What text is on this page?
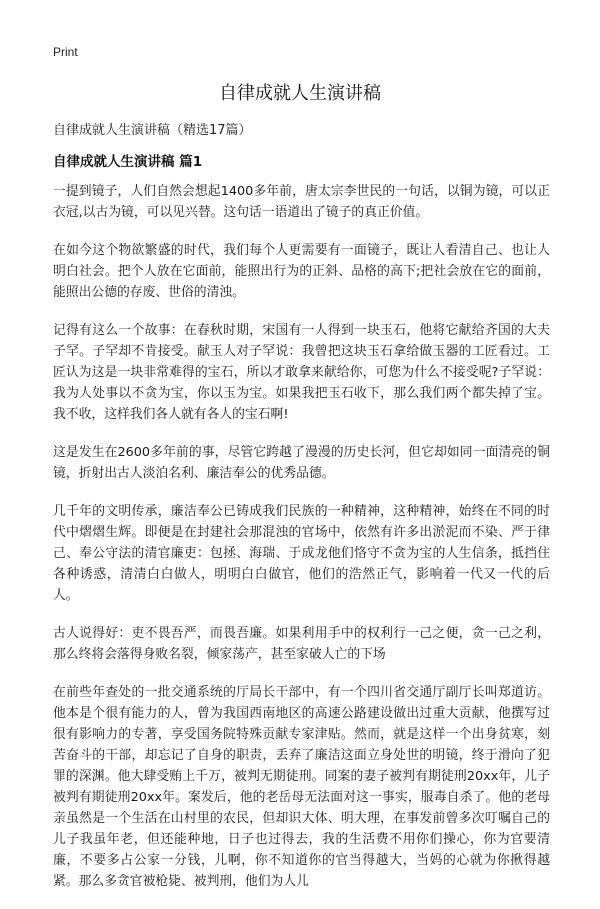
Print
自律成就人生演讲稿
自律成就人生演讲稿（精选17篇）
自律成就人生演讲稿 篇1

一提到镜子，人们自然会想起1400多年前，唐太宗李世民的一句话，以铜为镜，可以正衣冠,以古为镜，可以见兴替。这句话一语道出了镜子的真正价值。

在如今这个物欲繁盛的时代，我们每个人更需要有一面镜子，既让人看清自己、也让人明白社会。把个人放在它面前，能照出行为的正斜、品格的高下;把社会放在它的面前，能照出公德的存废、世俗的清浊。

记得有这么一个故事：在春秋时期，宋国有一人得到一块玉石，他将它献给齐国的大夫子罕。子罕却不肯接受。献玉人对子罕说：我曾把这块玉石拿给做玉器的工匠看过。工匠认为这是一块非常难得的宝石，所以才敢拿来献给你，可您为什么不接受呢?子罕说：我为人处事以不贪为宝，你以玉为宝。如果我把玉石收下，那么我们两个都失掉了宝。我不收，这样我们各人就有各人的宝石啊!

这是发生在2600多年前的事，尽管它跨越了漫漫的历史长河，但它却如同一面清亮的铜镜，折射出古人淡泊名利、廉洁奉公的优秀品德。

几千年的文明传承，廉洁奉公已铸成我们民族的一种精神，这种精神，始终在不同的时代中熠熠生辉。即便是在封建社会那混浊的官场中，依然有许多出淤泥而不染、严于律己、奉公守法的清官廉吏：包拯、海瑞、于成龙他们恪守不贪为宝的人生信条，抵挡住各种诱惑，清清白白做人，明明白白做官，他们的浩然正气，影响着一代又一代的后人。

古人说得好：吏不畏吾严，而畏吾廉。如果利用手中的权利行一己之便，贪一己之利，那么终将会落得身败名裂，倾家荡产，甚至家破人亡的下场

在前些年查处的一批交通系统的厅局长干部中，有一个四川省交通厅副厅长叫郑道访。他本是个很有能力的人，曾为我国西南地区的高速公路建设做出过重大贡献，他撰写过很有影响力的专著，享受国务院特殊贡献专家津贴。然而，就是这样一个出身贫寒，刻苦奋斗的干部，却忘记了自身的职责，丢弃了廉洁这面立身处世的明镜，终于滑向了犯罪的深渊。他大肆受贿上千万，被判无期徒刑。同案的妻子被判有期徒刑20xx年，儿子被判有期徒刑20xx年。案发后，他的老岳母无法面对这一事实，服毒自杀了。他的老母亲虽然是一个生活在山村里的农民，但却识大体、明大理，在事发前曾多次叮嘱自己的儿子我虽年老，但还能种地，日子也过得去，我的生活费不用你们操心，你为官要清廉，不要多占公家一分钱，儿啊，你不知道你的官当得越大，当妈的心就为你揪得越紧。那么多贪官被枪毙、被判刑，他们为人儿
